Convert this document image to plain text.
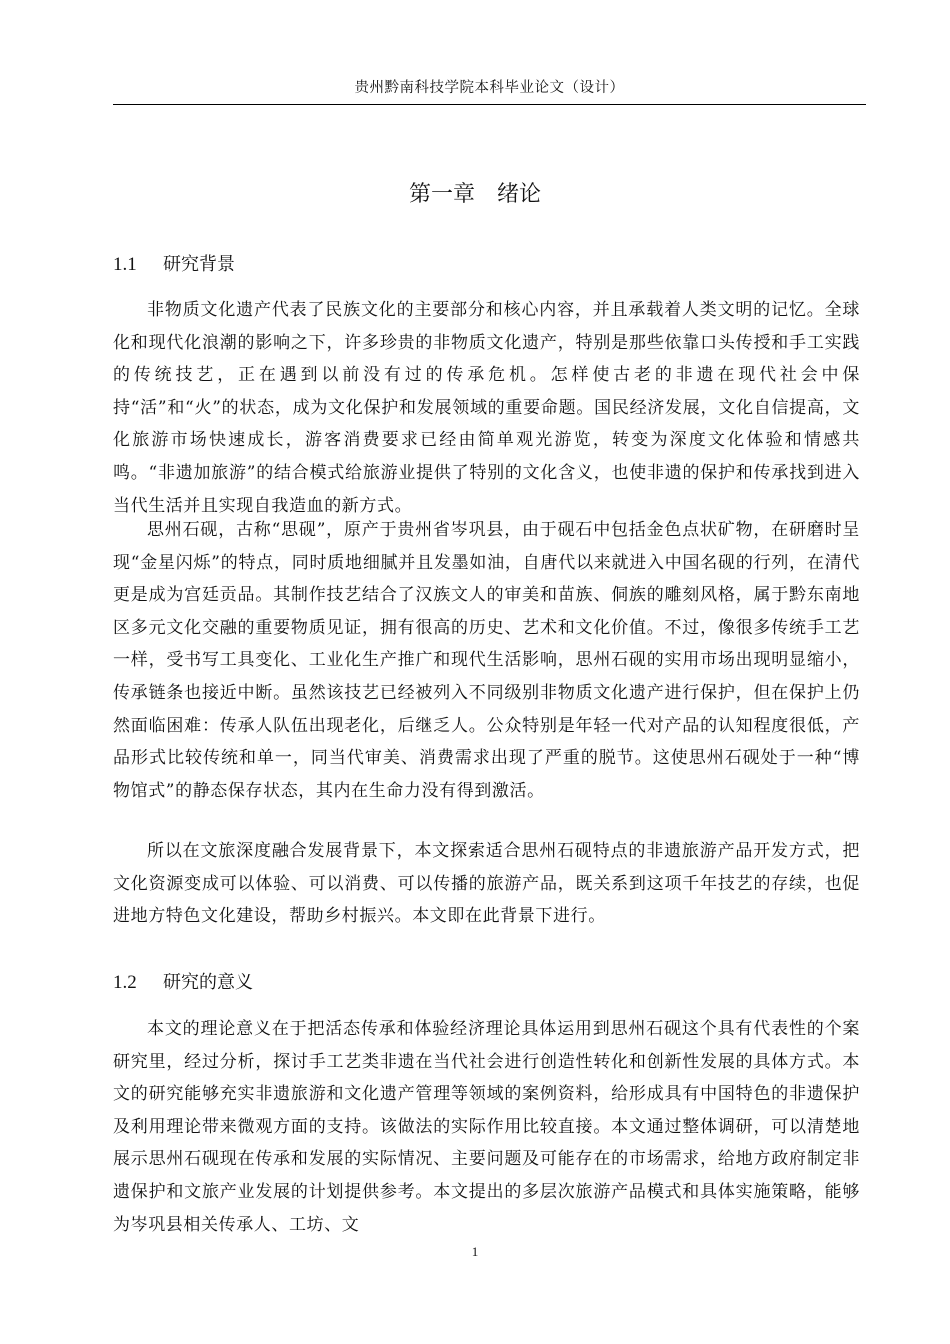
贵州黔南科技学院本科毕业论文（设计）
第一章 绪论
1.1 研究背景

非物质文化遗产代表了民族文化的主要部分和核心内容，并且承载着人类文明的记忆。全球化和现代化浪潮的影响之下，许多珍贵的非物质文化遗产，特别是那些依靠口头传授和手工实践的传统技艺，正在遇到以前没有过的传承危机。怎样使古老的非遗在现代社会中保持“活”和“火”的状态，成为文化保护和发展领域的重要命题。国民经济发展，文化自信提高，文化旅游市场快速成长，游客消费要求已经由简单观光游览，转变为深度文化体验和情感共鸣。“非遗加旅游”的结合模式给旅游业提供了特别的文化含义，也使非遗的保护和传承找到进入当代生活并且实现自我造血的新方式。

思州石砚，古称“思砚”，原产于贵州省岑巩县，由于砚石中包括金色点状矿物，在研磨时呈现“金星闪烁”的特点，同时质地细腻并且发墨如油，自唐代以来就进入中国名砚的行列，在清代更是成为宫廷贡品。其制作技艺结合了汉族文人的审美和苗族、侗族的雕刻风格，属于黔东南地区多元文化交融的重要物质见证，拥有很高的历史、艺术和文化价值。不过，像很多传统手工艺一样，受书写工具变化、工业化生产推广和现代生活影响，思州石砚的实用市场出现明显缩小，传承链条也接近中断。虽然该技艺已经被列入不同级别非物质文化遗产进行保护，但在保护上仍然面临困难：传承人队伍出现老化，后继乏人。公众特别是年轻一代对产品的认知程度很低，产品形式比较传统和单一，同当代审美、消费需求出现了严重的脱节。这使思州石砚处于一种“博物馆式”的静态保存状态，其内在生命力没有得到激活。

所以在文旅深度融合发展背景下，本文探索适合思州石砚特点的非遗旅游产品开发方式，把文化资源变成可以体验、可以消费、可以传播的旅游产品，既关系到这项千年技艺的存续，也促进地方特色文化建设，帮助乡村振兴。本文即在此背景下进行。

1.2 研究的意义

本文的理论意义在于把活态传承和体验经济理论具体运用到思州石砚这个具有代表性的个案研究里，经过分析，探讨手工艺类非遗在当代社会进行创造性转化和创新性发展的具体方式。本文的研究能够充实非遗旅游和文化遗产管理等领域的案例资料，给形成具有中国特色的非遗保护及利用理论带来微观方面的支持。该做法的实际作用比较直接。本文通过整体调研，可以清楚地展示思州石砚现在传承和发展的实际情况、主要问题及可能存在的市场需求，给地方政府制定非遗保护和文旅产业发展的计划提供参考。本文提出的多层次旅游产品模式和具体实施策略，能够为岑巩县相关传承人、工坊、文

1
